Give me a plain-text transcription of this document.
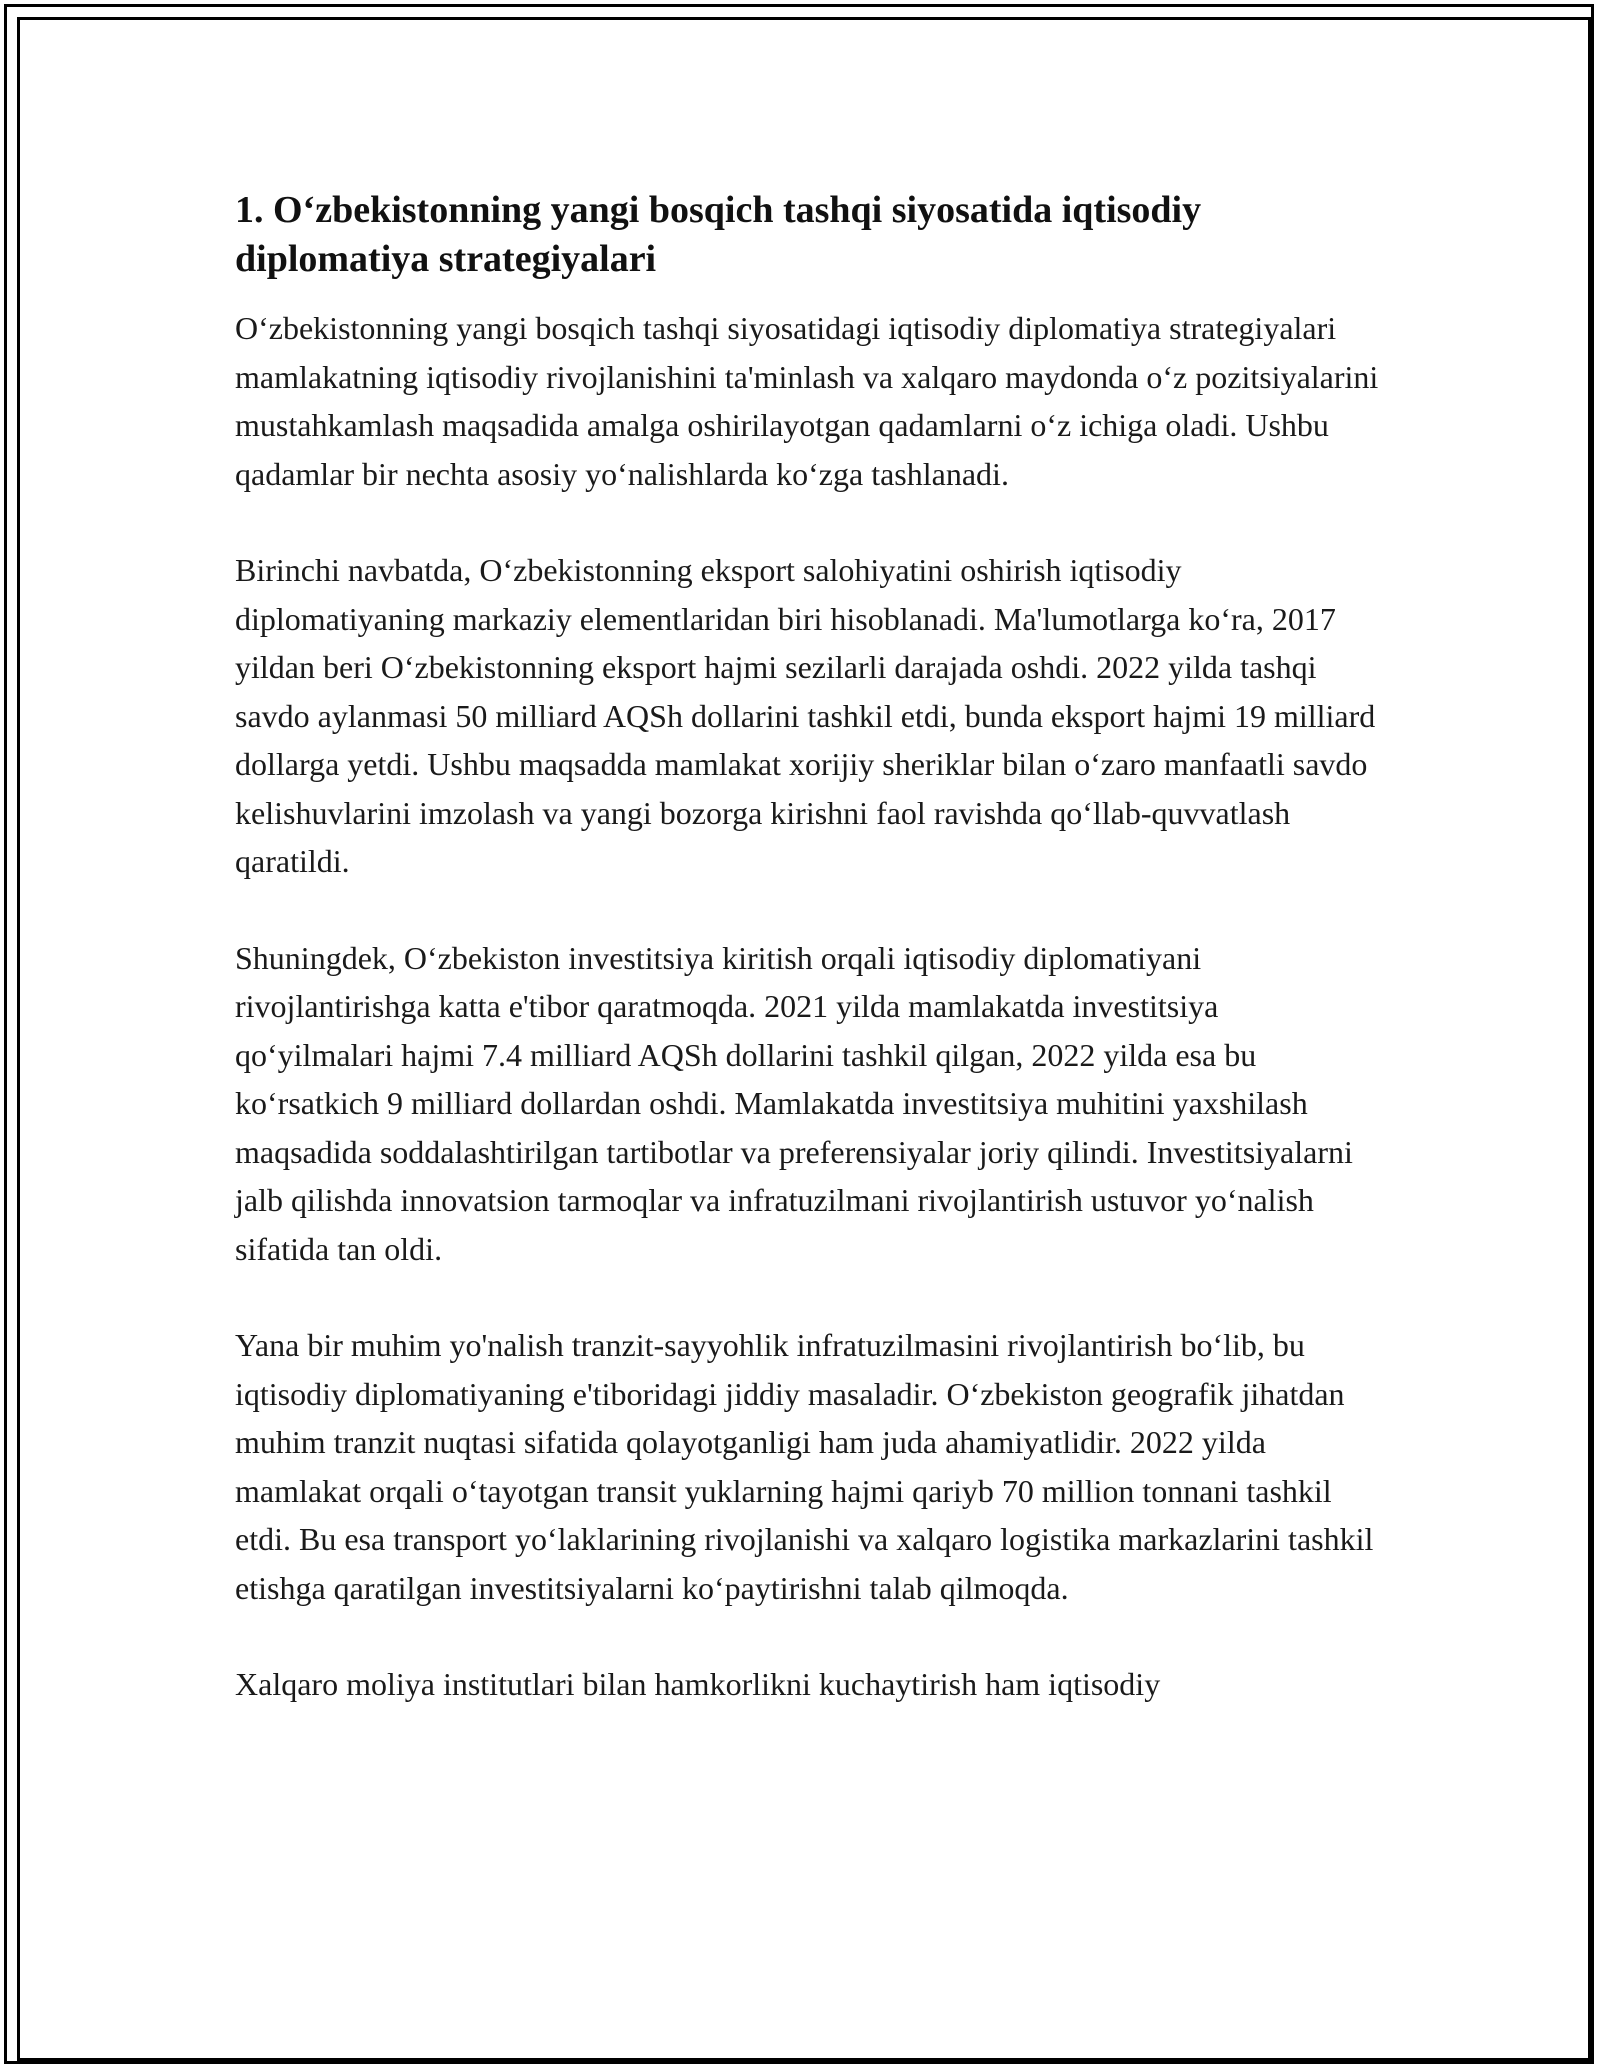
1. O‘zbekistonning yangi bosqich tashqi siyosatida iqtisodiy diplomatiya strategiyalari

O‘zbekistonning yangi bosqich tashqi siyosatidagi iqtisodiy diplomatiya strategiyalari mamlakatning iqtisodiy rivojlanishini ta'minlash va xalqaro maydonda o‘z pozitsiyalarini mustahkamlash maqsadida amalga oshirilayotgan qadamlarni o‘z ichiga oladi. Ushbu qadamlar bir nechta asosiy yo‘nalishlarda ko‘zga tashlanadi.

Birinchi navbatda, O‘zbekistonning eksport salohiyatini oshirish iqtisodiy diplomatiyaning markaziy elementlaridan biri hisoblanadi. Ma'lumotlarga ko‘ra, 2017 yildan beri O‘zbekistonning eksport hajmi sezilarli darajada oshdi. 2022 yilda tashqi savdo aylanmasi 50 milliard AQSh dollarini tashkil etdi, bunda eksport hajmi 19 milliard dollarga yetdi. Ushbu maqsadda mamlakat xorijiy sheriklar bilan o‘zaro manfaatli savdo kelishuvlarini imzolash va yangi bozorga kirishni faol ravishda qo‘llab-quvvatlash qaratildi.

Shuningdek, O‘zbekiston investitsiya kiritish orqali iqtisodiy diplomatiyani rivojlantirishga katta e'tibor qaratmoqda. 2021 yilda mamlakatda investitsiya qo‘yilmalari hajmi 7.4 milliard AQSh dollarini tashkil qilgan, 2022 yilda esa bu ko‘rsatkich 9 milliard dollardan oshdi. Mamlakatda investitsiya muhitini yaxshilash maqsadida soddalashtirilgan tartibotlar va preferensiyalar joriy qilindi. Investitsiyalarni jalb qilishda innovatsion tarmoqlar va infratuzilmani rivojlantirish ustuvor yo‘nalish sifatida tan oldi.

Yana bir muhim yo'nalish tranzit-sayyohlik infratuzilmasini rivojlantirish bo‘lib, bu iqtisodiy diplomatiyaning e'tiboridagi jiddiy masaladir. O‘zbekiston geografik jihatdan muhim tranzit nuqtasi sifatida qolayotganligi ham juda ahamiyatlidir. 2022 yilda mamlakat orqali o‘tayotgan transit yuklarning hajmi qariyb 70 million tonnani tashkil etdi. Bu esa transport yo‘laklarining rivojlanishi va xalqaro logistika markazlarini tashkil etishga qaratilgan investitsiyalarni ko‘paytirishni talab qilmoqda.

Xalqaro moliya institutlari bilan hamkorlikni kuchaytirish ham iqtisodiy
